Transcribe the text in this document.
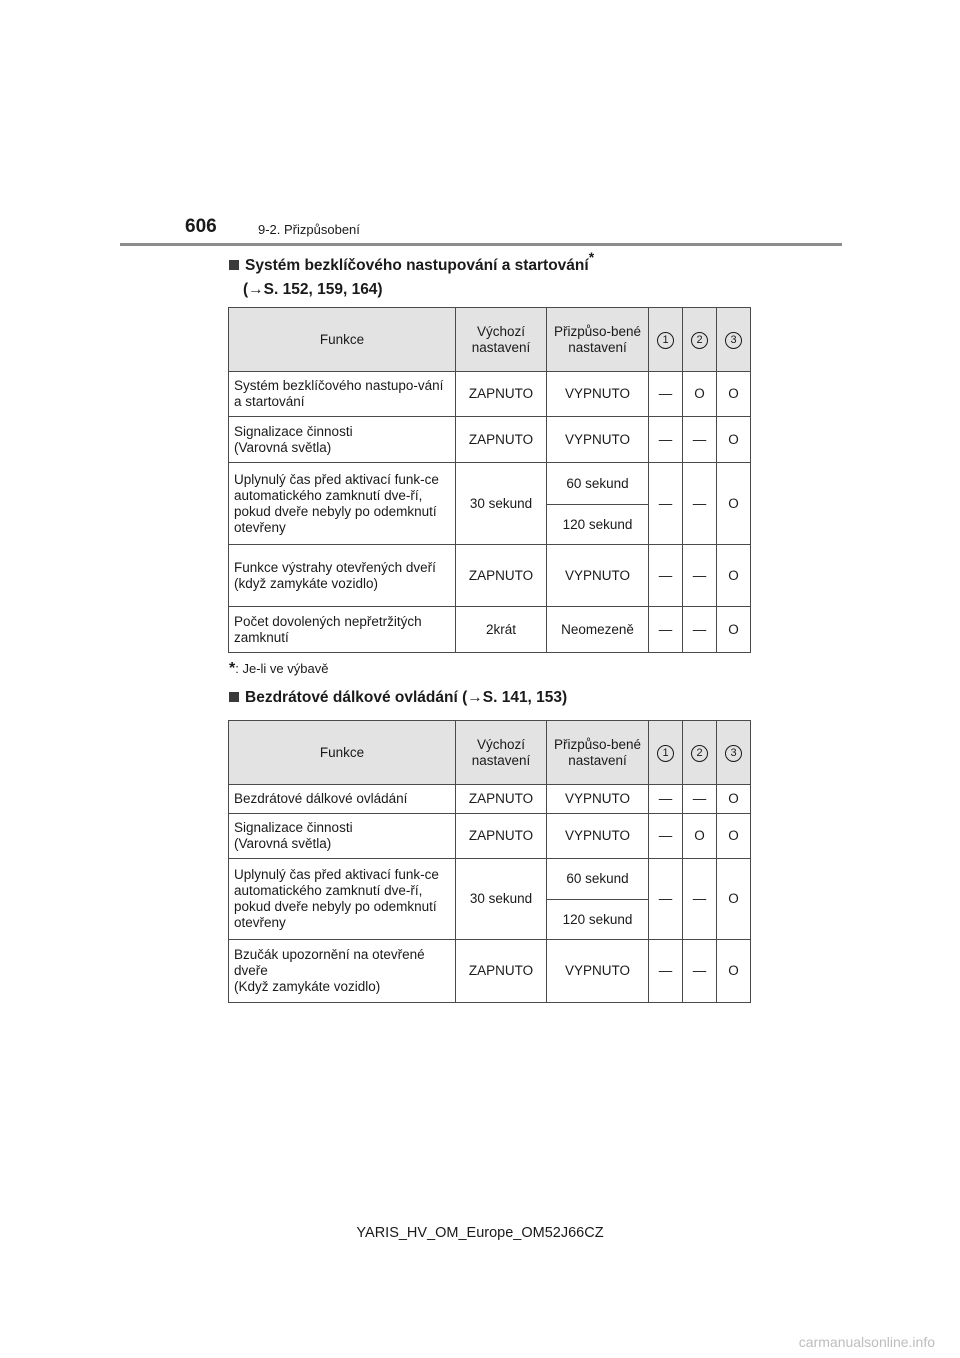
606	9-2. Přizpůsobení
Systém bezklíčového nastupování a startování*
(→S. 152, 159, 164)
Funkce	Výchozí nastavení	Přizpůso-bené nastavení	1	2	3
Systém bezklíčového nastupo-vání a startování	ZAPNUTO	VYPNUTO	—	O	O
Signalizace činnosti
(Varovná světla)	ZAPNUTO	VYPNUTO	—	—	O
Uplynulý čas před aktivací funk-ce automatického zamknutí dve-ří, pokud dveře nebyly po odemknutí otevřeny	30 sekund	60 sekund	—	—	O
		120 sekund			
Funkce výstrahy otevřených dveří
(když zamykáte vozidlo)	ZAPNUTO	VYPNUTO	—	—	O
Počet dovolených nepřetržitých zamknutí	2krát	Neomezeně	—	—	O
*: Je-li ve výbavě
Bezdrátové dálkové ovládání (→S. 141, 153)
Funkce	Výchozí nastavení	Přizpůso-bené nastavení	1	2	3
Bezdrátové dálkové ovládání	ZAPNUTO	VYPNUTO	—	—	O
Signalizace činnosti
(Varovná světla)	ZAPNUTO	VYPNUTO	—	O	O
Uplynulý čas před aktivací funk-ce automatického zamknutí dve-ří, pokud dveře nebyly po odemknutí otevřeny	30 sekund	60 sekund	—	—	O
		120 sekund			
Bzučák upozornění na otevřené dveře
(Když zamykáte vozidlo)	ZAPNUTO	VYPNUTO	—	—	O
YARIS_HV_OM_Europe_OM52J66CZ
carmanualsonline.info
